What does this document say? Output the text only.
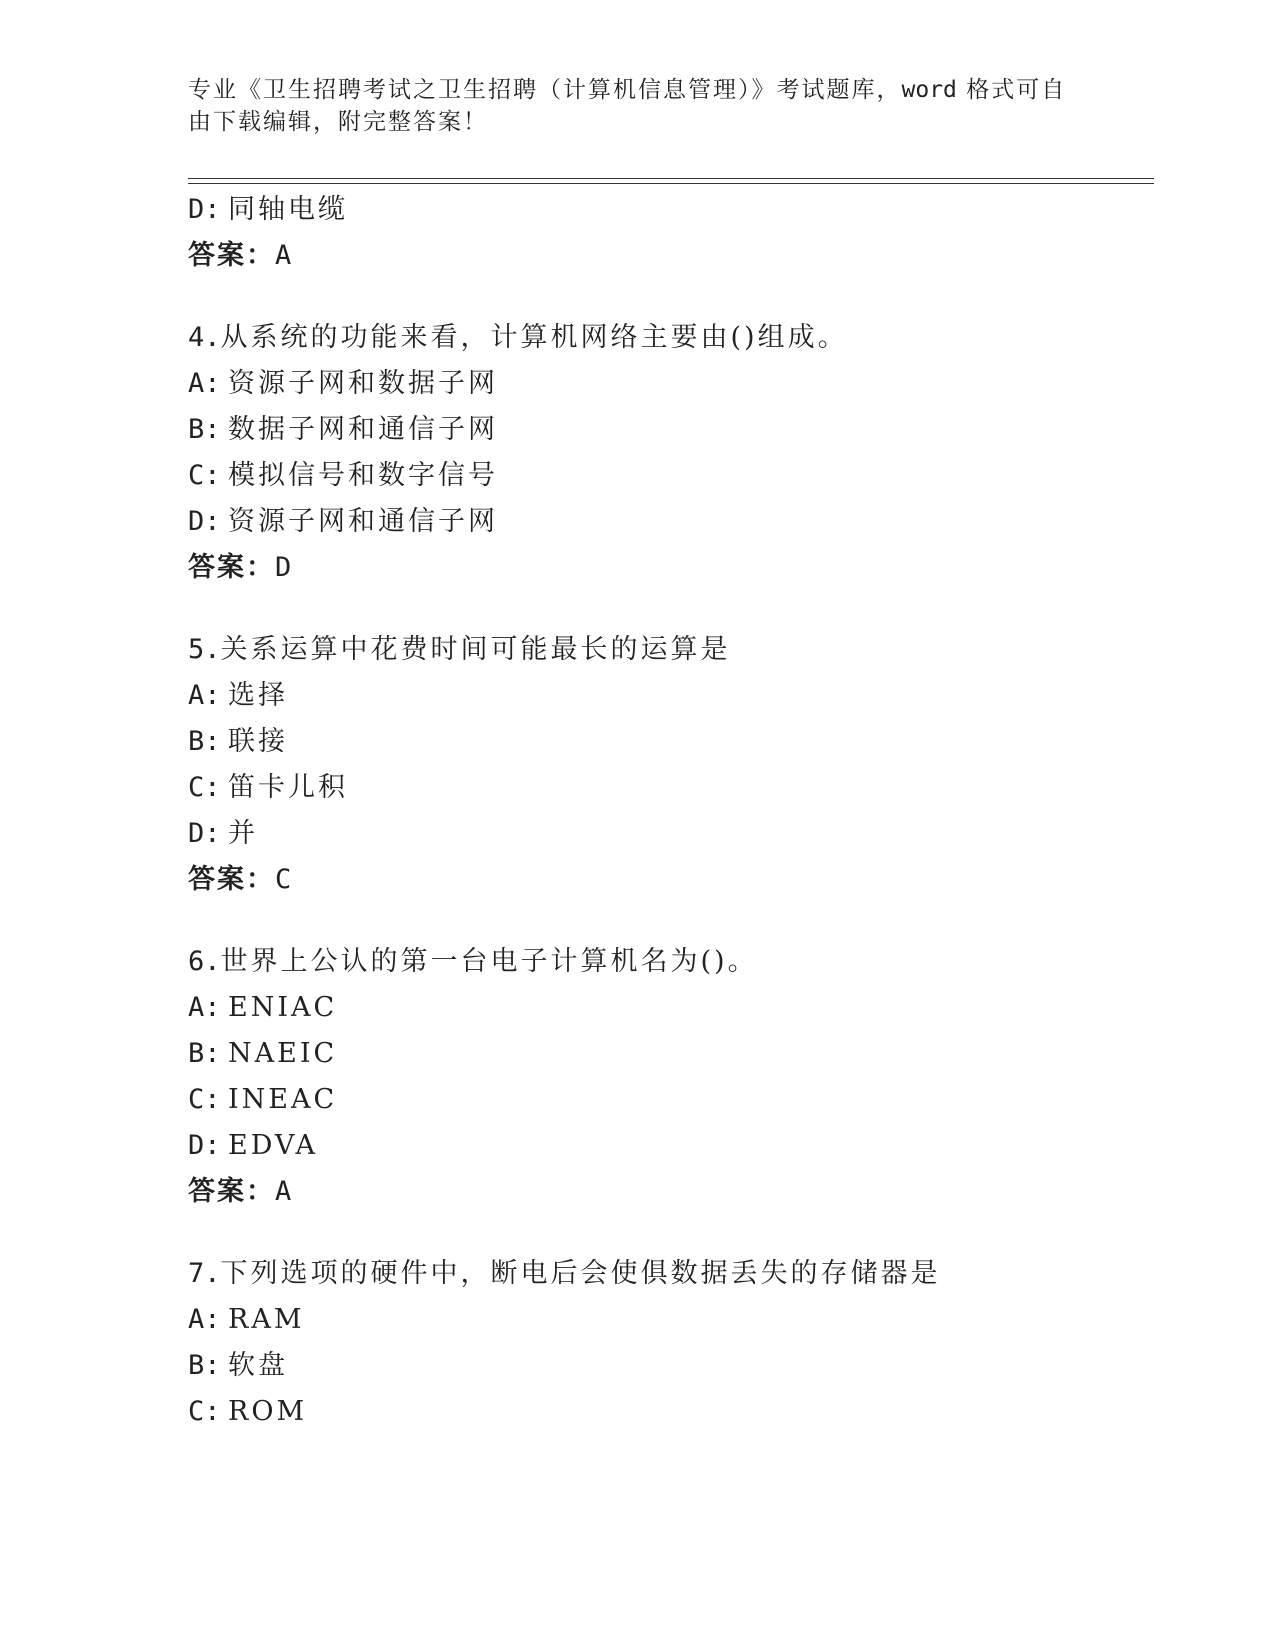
专业《卫生招聘考试之卫生招聘（计算机信息管理）》考试题库，word 格式可自
由下载编辑，附完整答案！
D: 同轴电缆
答案：A
4.从系统的功能来看，计算机网络主要由()组成。
A: 资源子网和数据子网
B: 数据子网和通信子网
C: 模拟信号和数字信号
D: 资源子网和通信子网
答案：D
5.关系运算中花费时间可能最长的运算是
A: 选择
B: 联接
C: 笛卡儿积
D: 并
答案：C
6.世界上公认的第一台电子计算机名为()。
A: ENIAC
B: NAEIC
C: INEAC
D: EDVA
答案：A
7.下列选项的硬件中，断电后会使俱数据丢失的存储器是
A: RAM
B: 软盘
C: ROM
